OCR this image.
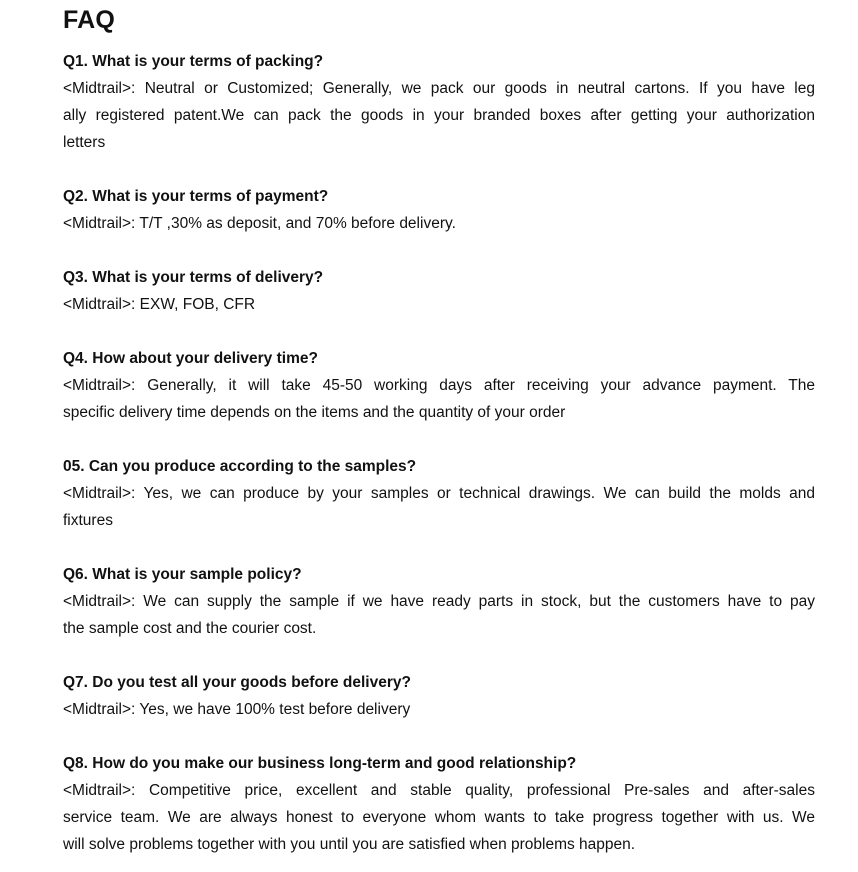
FAQ
Q1. What is your terms of packing?
<Midtrail>: Neutral or Customized; Generally, we pack our goods in neutral cartons. If you have leg
ally registered patent.We can pack the goods in your branded boxes after getting your authorization
letters
Q2. What is your terms of payment?
<Midtrail>: T/T ,30% as deposit, and 70% before delivery.
Q3. What is your terms of delivery?
<Midtrail>: EXW, FOB, CFR
Q4. How about your delivery time?
<Midtrail>: Generally, it will take 45-50 working days after receiving your advance payment. The
specific delivery time depends on the items and the quantity of your order
05. Can you produce according to the samples?
<Midtrail>: Yes, we can produce by your samples or technical drawings. We can build the molds and
fixtures
Q6. What is your sample policy?
<Midtrail>: We can supply the sample if we have ready parts in stock, but the customers have to pay
the sample cost and the courier cost.
Q7. Do you test all your goods before delivery?
<Midtrail>: Yes, we have 100% test before delivery
Q8. How do you make our business long-term and good relationship?
<Midtrail>: Competitive price, excellent and stable quality, professional Pre-sales and after-sales
service team. We are always honest to everyone whom wants to take progress together with us. We
will solve problems together with you until you are satisfied when problems happen.
